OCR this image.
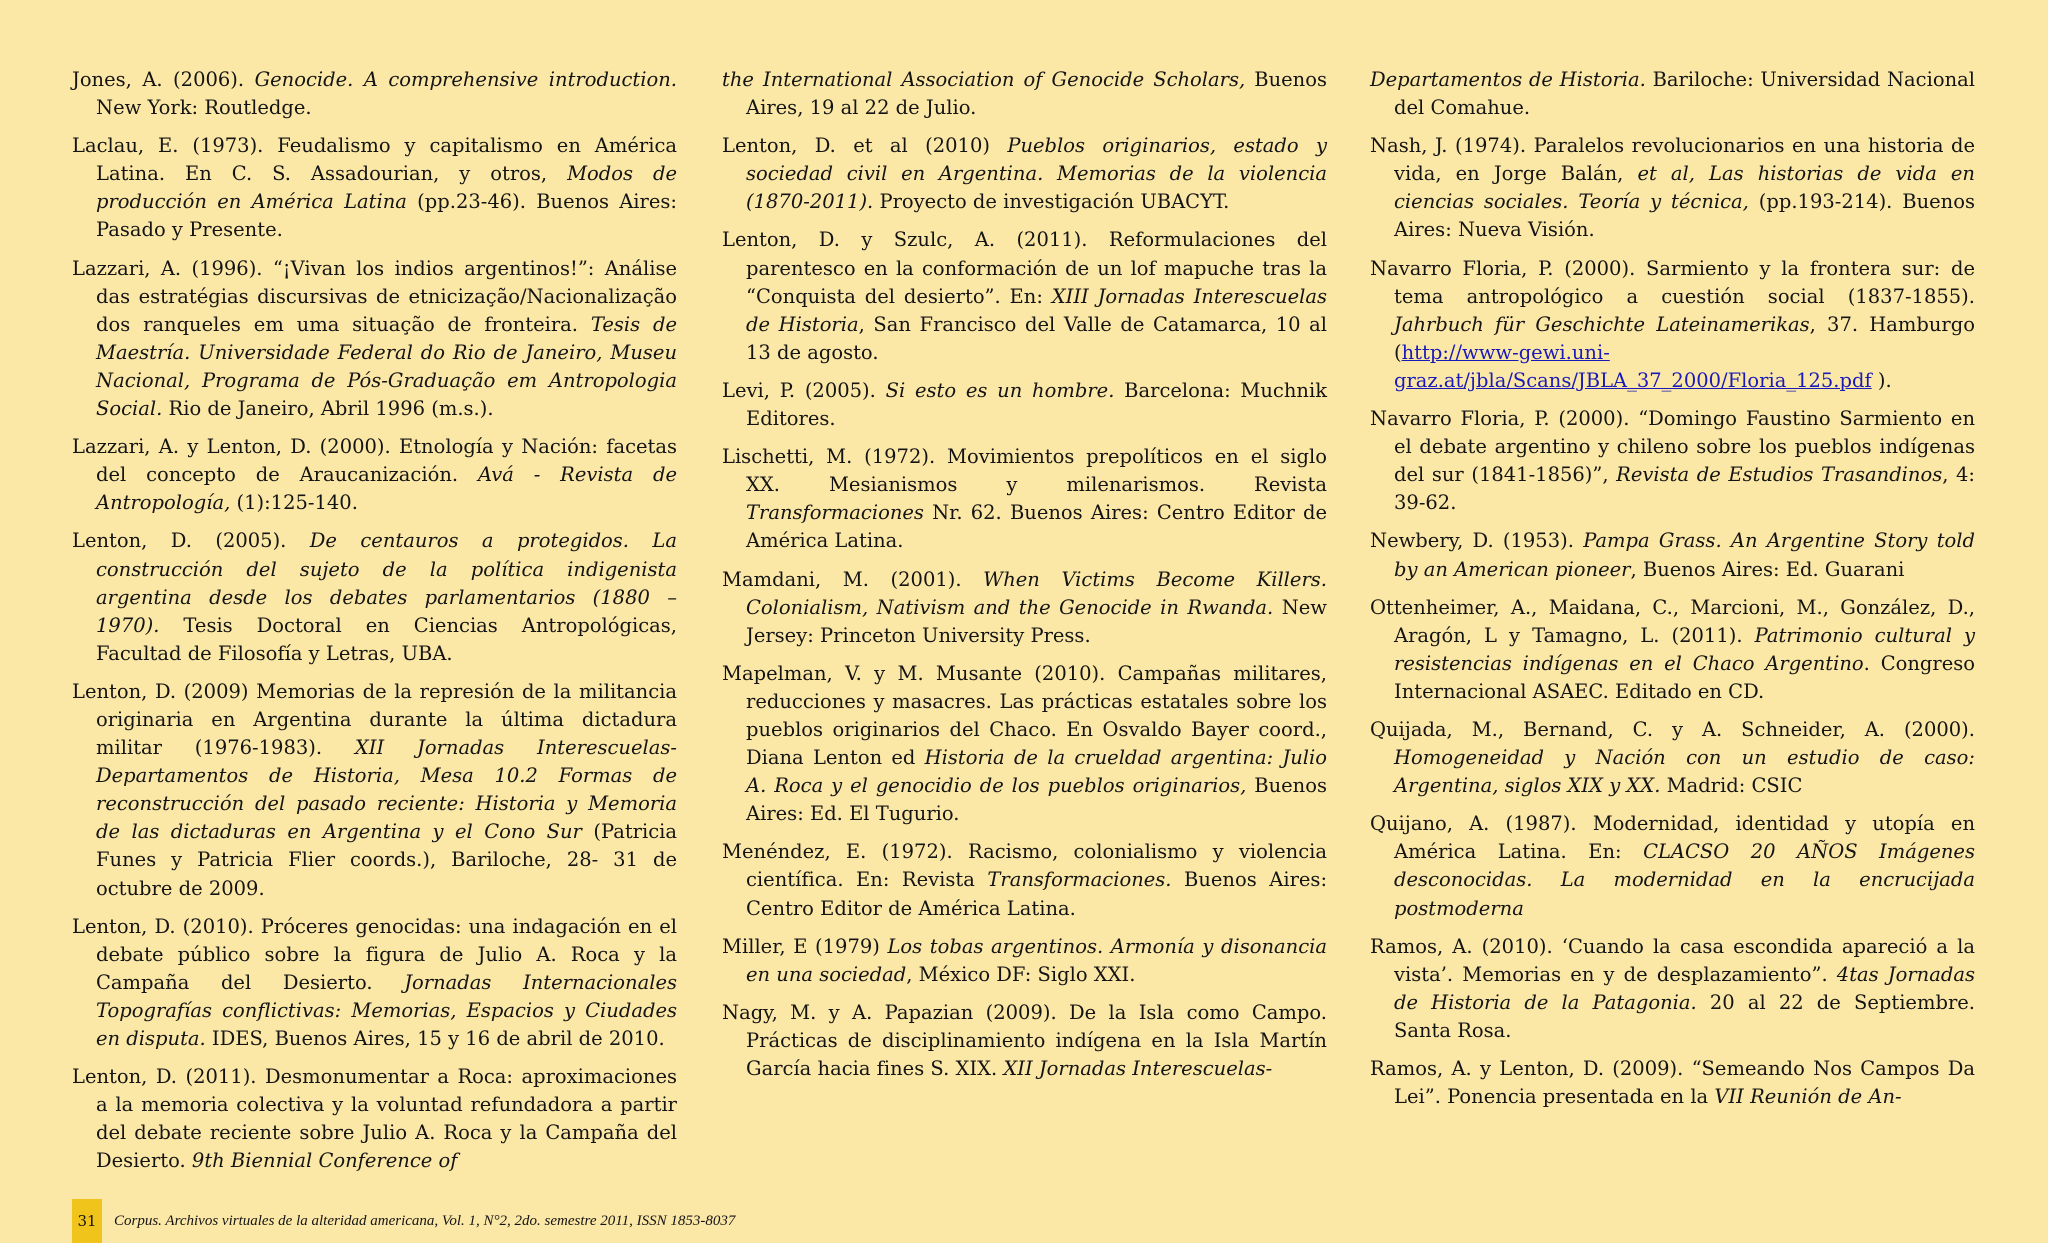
Jones, A. (2006). Genocide. A comprehensive introduction. New York: Routledge.

Laclau, E. (1973). Feudalismo y capitalismo en América Latina. En C. S. Assadourian, y otros, Modos de producción en América Latina (pp.23-46). Buenos Aires: Pasado y Presente.

Lazzari, A. (1996). “¡Vivan los indios argentinos!”: Análise das estratégias discursivas de etnicização/Nacionalização dos ranqueles em uma situação de fronteira. Tesis de Maestría. Universidade Federal do Rio de Janeiro, Museu Nacional, Programa de Pós-Graduação em Antropologia Social. Rio de Janeiro, Abril 1996 (m.s.).

Lazzari, A. y Lenton, D. (2000). Etnología y Nación: facetas del concepto de Araucanización. Avá - Revista de Antropología, (1):125-140.

Lenton, D. (2005). De centauros a protegidos. La construcción del sujeto de la política indigenista argentina desde los debates parlamentarios (1880 – 1970). Tesis Doctoral en Ciencias Antropológicas, Facultad de Filosofía y Letras, UBA.

Lenton, D. (2009) Memorias de la represión de la militancia originaria en Argentina durante la última dictadura militar (1976-1983). XII Jornadas Interescuelas-Departamentos de Historia, Mesa 10.2 Formas de reconstrucción del pasado reciente: Historia y Memoria de las dictaduras en Argentina y el Cono Sur (Patricia Funes y Patricia Flier coords.), Bariloche, 28- 31 de octubre de 2009.

Lenton, D. (2010). Próceres genocidas: una indagación en el debate público sobre la figura de Julio A. Roca y la Campaña del Desierto. Jornadas Internacionales Topografías conflictivas: Memorias, Espacios y Ciudades en disputa. IDES, Buenos Aires, 15 y 16 de abril de 2010.

Lenton, D. (2011). Desmonumentar a Roca: aproximaciones a la memoria colectiva y la voluntad refundadora a partir del debate reciente sobre Julio A. Roca y la Campaña del Desierto. 9th Biennial Conference of

the International Association of Genocide Scholars, Buenos Aires, 19 al 22 de Julio.

Lenton, D. et al (2010) Pueblos originarios, estado y sociedad civil en Argentina. Memorias de la violencia (1870-2011). Proyecto de investigación UBACYT.

Lenton, D. y Szulc, A. (2011). Reformulaciones del parentesco en la conformación de un lof mapuche tras la “Conquista del desierto”. En: XIII Jornadas Interescuelas de Historia, San Francisco del Valle de Catamarca, 10 al 13 de agosto.

Levi, P. (2005). Si esto es un hombre. Barcelona: Muchnik Editores.

Lischetti, M. (1972). Movimientos prepolíticos en el siglo XX. Mesianismos y milenarismos. Revista Transformaciones Nr. 62. Buenos Aires: Centro Editor de América Latina.

Mamdani, M. (2001). When Victims Become Killers. Colonialism, Nativism and the Genocide in Rwanda. New Jersey: Princeton University Press.

Mapelman, V. y M. Musante (2010). Campañas militares, reducciones y masacres. Las prácticas estatales sobre los pueblos originarios del Chaco. En Osvaldo Bayer coord., Diana Lenton ed Historia de la crueldad argentina: Julio A. Roca y el genocidio de los pueblos originarios, Buenos Aires: Ed. El Tugurio.

Menéndez, E. (1972). Racismo, colonialismo y violencia científica. En: Revista Transformaciones. Buenos Aires: Centro Editor de América Latina.

Miller, E (1979) Los tobas argentinos. Armonía y disonancia en una sociedad, México DF: Siglo XXI.

Nagy, M. y A. Papazian (2009). De la Isla como Campo. Prácticas de disciplinamiento indígena en la Isla Martín García hacia fines S. XIX. XII Jornadas Interescuelas-

Departamentos de Historia. Bariloche: Universidad Nacional del Comahue.

Nash, J. (1974). Paralelos revolucionarios en una historia de vida, en Jorge Balán, et al, Las historias de vida en ciencias sociales. Teoría y técnica, (pp.193-214). Buenos Aires: Nueva Visión.

Navarro Floria, P. (2000). Sarmiento y la frontera sur: de tema antropológico a cuestión social (1837-1855). Jahrbuch für Geschichte Lateinamerikas, 37. Hamburgo (http://www-gewi.uni-graz.at/jbla/Scans/JBLA_37_2000/Floria_125.pdf ).

Navarro Floria, P. (2000). “Domingo Faustino Sarmiento en el debate argentino y chileno sobre los pueblos indígenas del sur (1841-1856)”, Revista de Estudios Trasandinos, 4: 39-62.

Newbery, D. (1953). Pampa Grass. An Argentine Story told by an American pioneer, Buenos Aires: Ed. Guarani

Ottenheimer, A., Maidana, C., Marcioni, M., González, D., Aragón, L y Tamagno, L. (2011). Patrimonio cultural y resistencias indígenas en el Chaco Argentino. Congreso Internacional ASAEC. Editado en CD.

Quijada, M., Bernand, C. y A. Schneider, A. (2000). Homogeneidad y Nación con un estudio de caso: Argentina, siglos XIX y XX. Madrid: CSIC

Quijano, A. (1987). Modernidad, identidad y utopía en América Latina. En: CLACSO 20 AÑOS Imágenes desconocidas. La modernidad en la encrucijada postmoderna

Ramos, A. (2010). ‘Cuando la casa escondida apareció a la vista’. Memorias en y de desplazamiento”. 4tas Jornadas de Historia de la Patagonia. 20 al 22 de Septiembre. Santa Rosa.

Ramos, A. y Lenton, D. (2009). “Semeando Nos Campos Da Lei”. Ponencia presentada en la VII Reunión de An-

31	Corpus. Archivos virtuales de la alteridad americana, Vol. 1, N°2, 2do. semestre 2011, ISSN 1853-8037
